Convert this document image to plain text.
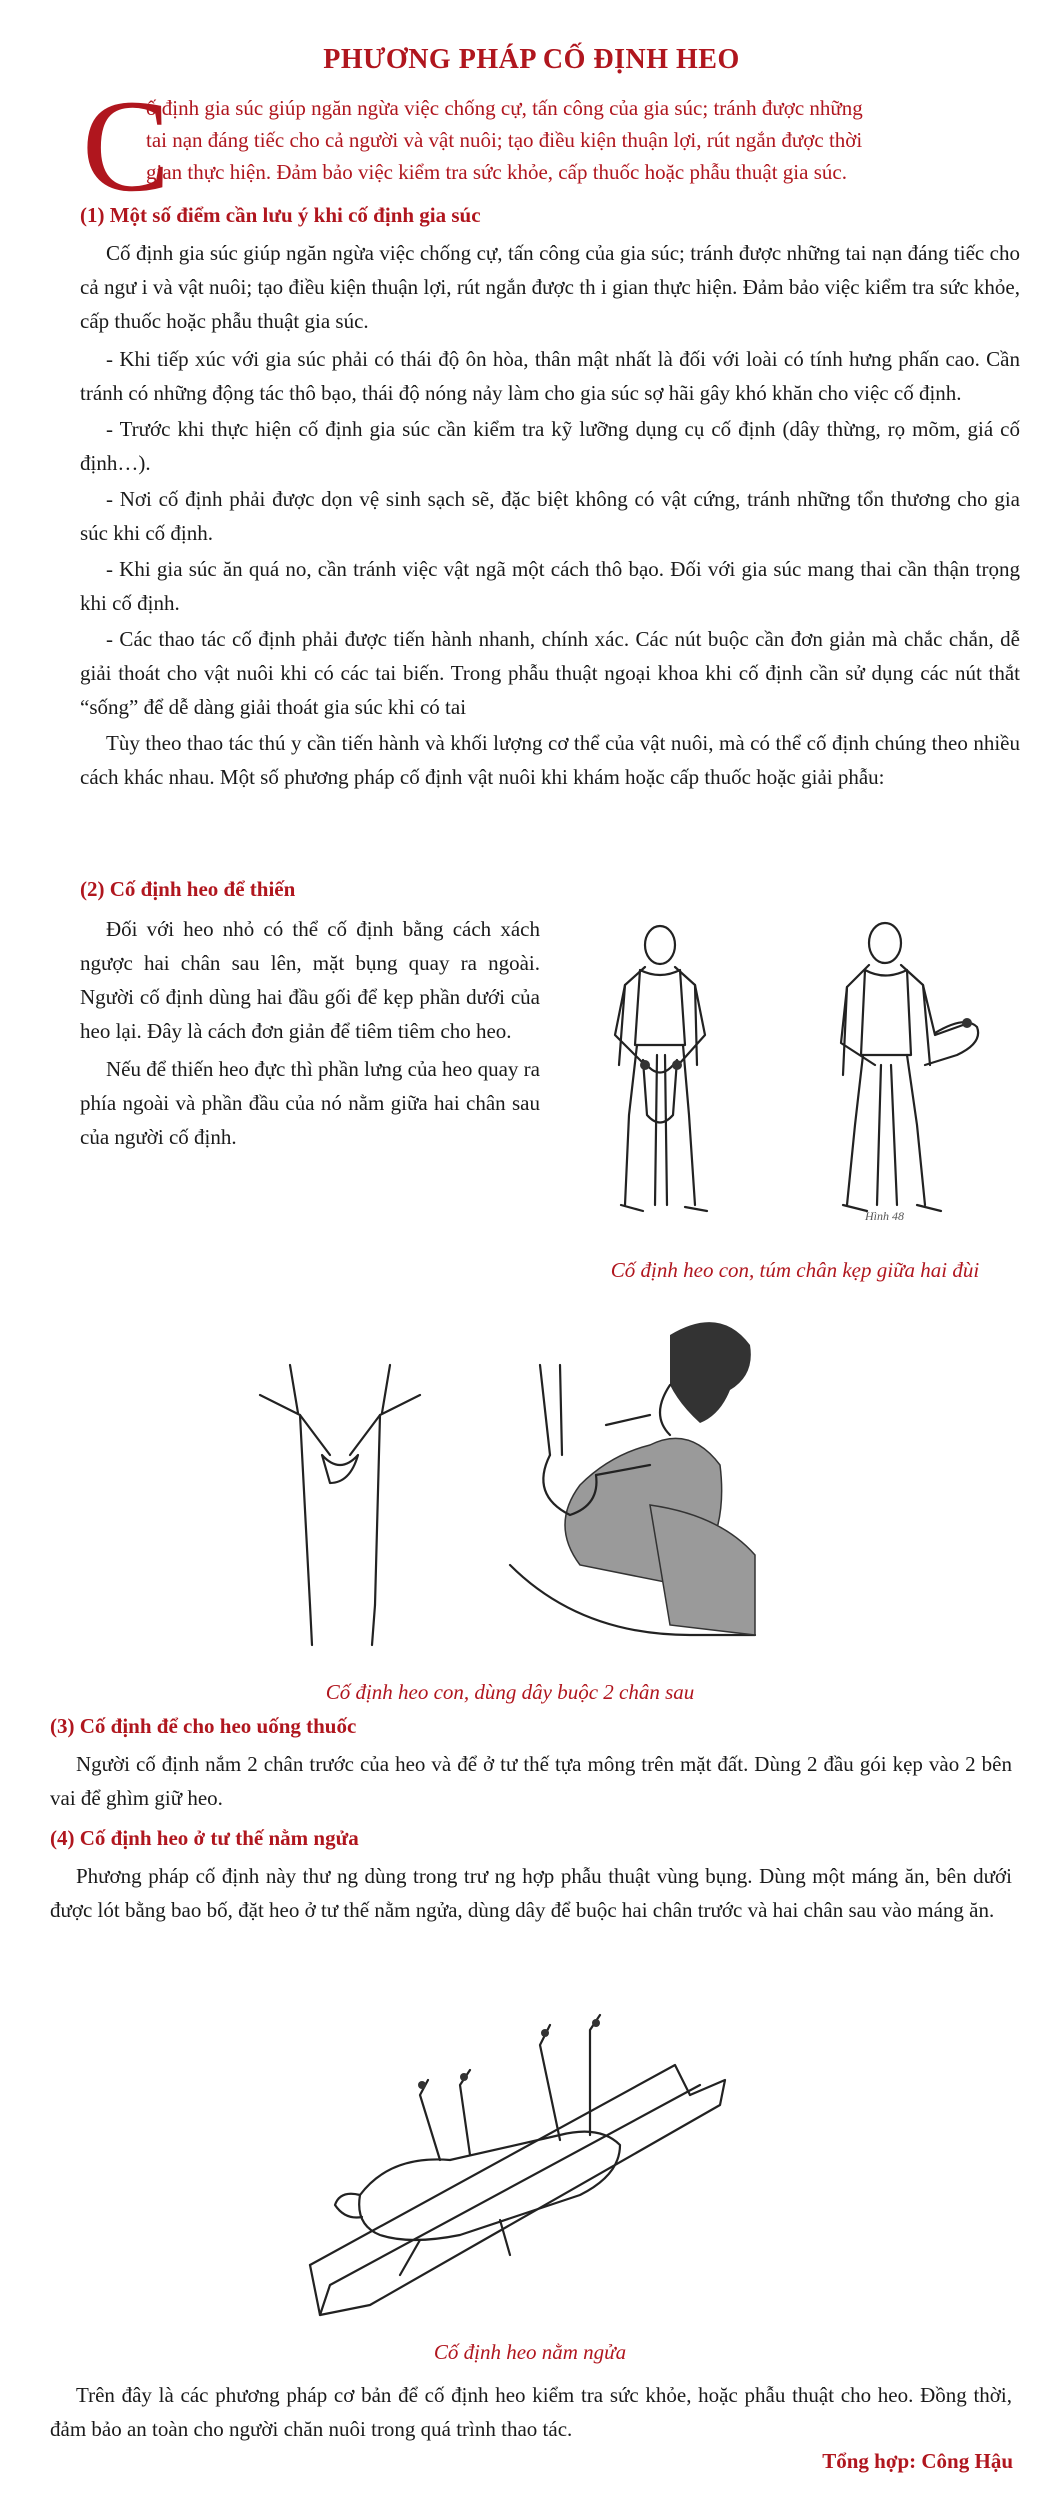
PHƯƠNG PHÁP CỐ ĐỊNH HEO
C
ố định gia súc giúp ngăn ngừa việc chống cự, tấn công của gia súc; tránh được những
tai nạn đáng tiếc cho cả người và vật nuôi; tạo điều kiện thuận lợi, rút ngắn được thời
gian thực hiện. Đảm bảo việc kiểm tra sức khỏe, cấp thuốc hoặc phẫu thuật gia súc.
(1) Một số điểm cần lưu ý khi cố định gia súc

Cố định gia súc giúp ngăn ngừa việc chống cự, tấn công của gia súc; tránh được những tai nạn đáng tiếc cho cả ngư i và vật nuôi; tạo điều kiện thuận lợi, rút ngắn được th i gian thực hiện. Đảm bảo việc kiểm tra sức khỏe, cấp thuốc hoặc phẫu thuật gia súc.

- Khi tiếp xúc với gia súc phải có thái độ ôn hòa, thân mật nhất là đối với loài có tính hưng phấn cao. Cần tránh có những động tác thô bạo, thái độ nóng nảy làm cho gia súc sợ hãi gây khó khăn cho việc cố định.

- Trước khi thực hiện cố định gia súc cần kiểm tra kỹ lưỡng dụng cụ cố định (dây thừng, rọ mõm, giá cố định…).

- Nơi cố định phải được dọn vệ sinh sạch sẽ, đặc biệt không có vật cứng, tránh những tổn thương cho gia súc khi cố định.

- Khi gia súc ăn quá no, cần tránh việc vật ngã một cách thô bạo. Đối với gia súc mang thai cần thận trọng khi cố định.

- Các thao tác cố định phải được tiến hành nhanh, chính xác. Các nút buộc cần đơn giản mà chắc chắn, dễ giải thoát cho vật nuôi khi có các tai biến. Trong phẫu thuật ngoại khoa khi cố định cần sử dụng các nút thắt “sống” để dễ dàng giải thoát gia súc khi có tai

Tùy theo thao tác thú y cần tiến hành và khối lượng cơ thể của vật nuôi, mà có thể cố định chúng theo nhiều cách khác nhau. Một số phương pháp cố định vật nuôi khi khám hoặc cấp thuốc hoặc giải phẫu:

(2) Cố định heo để thiến

Đối với heo nhỏ có thể cố định bằng cách xách ngược hai chân sau lên, mặt bụng quay ra ngoài. Người cố định dùng hai đầu gối để kẹp phần dưới của heo lại. Đây là cách đơn giản để tiêm tiêm cho heo.

Nếu để thiến heo đực thì phần lưng của heo quay ra phía ngoài và phần đầu của nó nằm giữa hai chân sau của người cố định.

Hình 48
Cố định heo con, túm chân kẹp giữa hai đùi
Cố định heo con, dùng dây buộc 2 chân sau
(3) Cố định để cho heo uống thuốc

Người cố định nắm 2 chân trước của heo và để ở tư thế tựa mông trên mặt đất. Dùng 2 đầu gói kẹp vào 2 bên vai để ghìm giữ heo.

(4) Cố định heo ở tư thế nằm ngửa

Phương pháp cố định này thư ng dùng trong trư ng hợp phẫu thuật vùng bụng. Dùng một máng ăn, bên dưới được lót bằng bao bố, đặt heo ở tư thế nằm ngửa, dùng dây để buộc hai chân trước và hai chân sau vào máng ăn.

Cố định heo nằm ngửa

Trên đây là các phương pháp cơ bản để cố định heo kiểm tra sức khỏe, hoặc phẫu thuật cho heo. Đồng thời, đảm bảo an toàn cho người chăn nuôi trong quá trình thao tác.

Tổng hợp: Công Hậu
